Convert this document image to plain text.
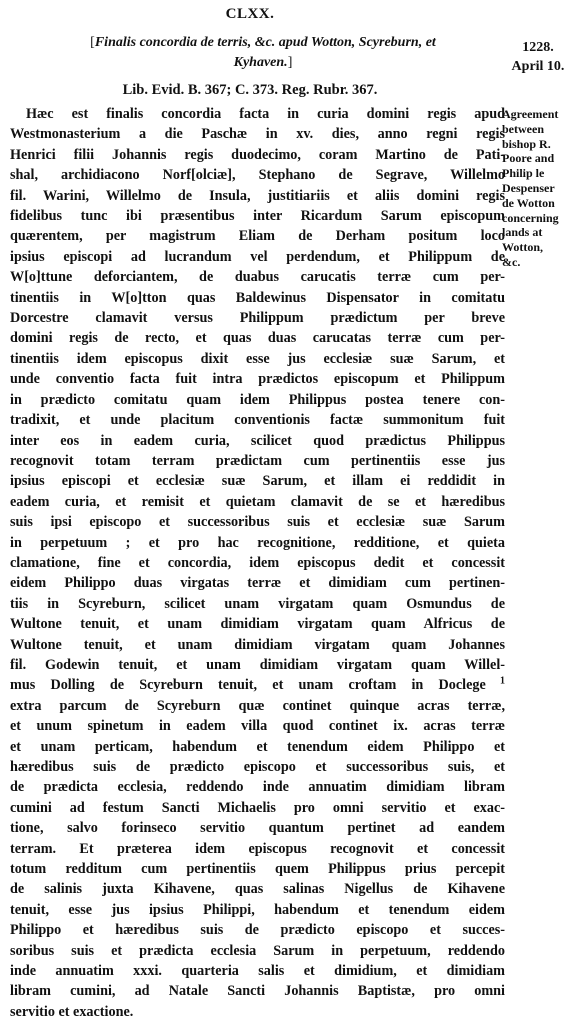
CLXX.
[Finalis concordia de terris, &c. apud Wotton, Scyreburn, et
Kyhaven.]
1228.
April 10.
Lib. Evid. B. 367; C. 373. Reg. Rubr. 367.
Agreement
between
bishop R.
Poore and
Philip le
Despenser
de Wotton
concerning
lands at
Wotton,
&c.
Hæc est finalis concordia facta in curia domini regis apud
Westmonasterium a die Paschæ in xv. dies, anno regni regis
Henrici filii Johannis regis duodecimo, coram Martino de Pati-
shal, archidiacono Norf[olciæ], Stephano de Segrave, Willelmo
fil. Warini, Willelmo de Insula, justitiariis et aliis domini regis
fidelibus tunc ibi præsentibus inter Ricardum Sarum episcopum
quærentem, per magistrum Eliam de Derham positum loco
ipsius episcopi ad lucrandum vel perdendum, et Philippum de
W[o]ttune deforciantem, de duabus carucatis terræ cum per-
tinentiis in W[o]tton quas Baldewinus Dispensator in comitatu
Dorcestre clamavit versus Philippum prædictum per breve
domini regis de recto, et quas duas carucatas terræ cum per-
tinentiis idem episcopus dixit esse jus ecclesiæ suæ Sarum, et
unde conventio facta fuit intra prædictos episcopum et Philippum
in prædicto comitatu quam idem Philippus postea tenere con-
tradixit, et unde placitum conventionis factæ summonitum fuit
inter eos in eadem curia, scilicet quod prædictus Philippus
recognovit totam terram prædictam cum pertinentiis esse jus
ipsius episcopi et ecclesiæ suæ Sarum, et illam ei reddidit in
eadem curia, et remisit et quietam clamavit de se et hæredibus
suis ipsi episcopo et successoribus suis et ecclesiæ suæ Sarum
in perpetuum ; et pro hac recognitione, redditione, et quieta
clamatione, fine et concordia, idem episcopus dedit et concessit
eidem Philippo duas virgatas terræ et dimidiam cum pertinen-
tiis in Scyreburn, scilicet unam virgatam quam Osmundus de
Wultone tenuit, et unam dimidiam virgatam quam Alfricus de
Wultone tenuit, et unam dimidiam virgatam quam Johannes
fil. Godewin tenuit, et unam dimidiam virgatam quam Willel-
mus Dolling de Scyreburn tenuit, et unam croftam in Doclege $^1$
extra parcum de Scyreburn quæ continet quinque acras terræ,
et unum spinetum in eadem villa quod continet ix. acras terræ
et unam perticam, habendum et tenendum eidem Philippo et
hæredibus suis de prædicto episcopo et successoribus suis, et
de prædicta ecclesia, reddendo inde annuatim dimidiam libram
cumini ad festum Sancti Michaelis pro omni servitio et exac-
tione, salvo forinseco servitio quantum pertinet ad eandem
terram. Et præterea idem episcopus recognovit et concessit
totum redditum cum pertinentiis quem Philippus prius percepit
de salinis juxta Kihavene, quas salinas Nigellus de Kihavene
tenuit, esse jus ipsius Philippi, habendum et tenendum eidem
Philippo et hæredibus suis de prædicto episcopo et succes-
soribus suis et prædicta ecclesia Sarum in perpetuum, reddendo
inde annuatim xxxi. quarteria salis et dimidium, et dimidiam
libram cumini, ad Natale Sancti Johannis Baptistæ, pro omni
servitio et exactione.
